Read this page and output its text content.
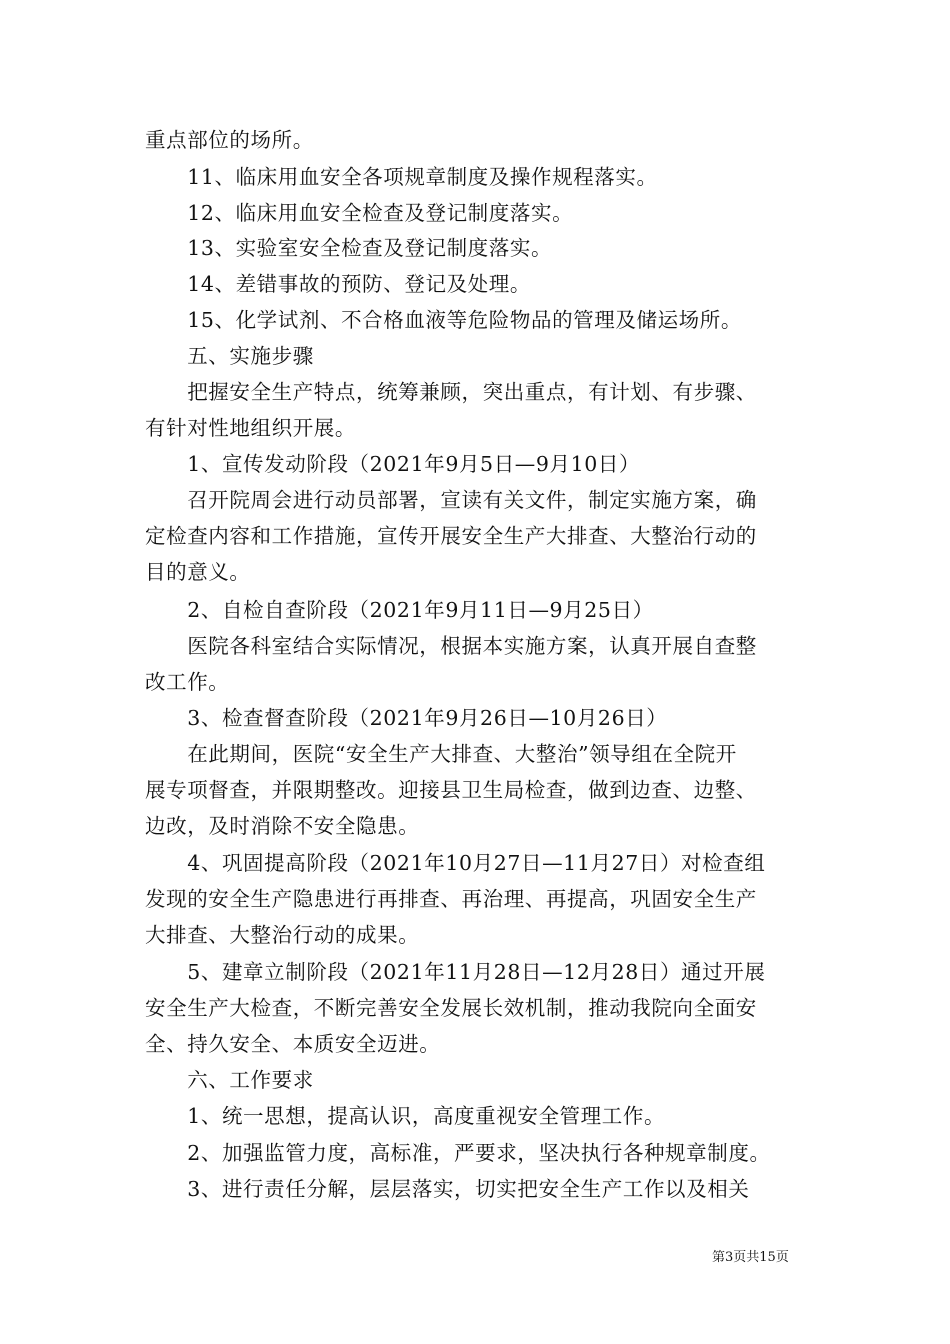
重点部位的场所。
　　11、临床用血安全各项规章制度及操作规程落实。
　　12、临床用血安全检查及登记制度落实。
　　13、实验室安全检查及登记制度落实。
　　14、差错事故的预防、登记及处理。
　　15、化学试剂、不合格血液等危险物品的管理及储运场所。
　　五、实施步骤
　　把握安全生产特点，统筹兼顾，突出重点，有计划、有步骤、
有针对性地组织开展。
　　1、宣传发动阶段（2021年9月5日—9月10日）
　　召开院周会进行动员部署，宣读有关文件，制定实施方案，确
定检查内容和工作措施，宣传开展安全生产大排查、大整治行动的
目的意义。
　　2、自检自查阶段（2021年9月11日—9月25日）
　　医院各科室结合实际情况，根据本实施方案，认真开展自查整
改工作。
　　3、检查督查阶段（2021年9月26日—10月26日）
　　在此期间，医院“安全生产大排查、大整治”领导组在全院开
展专项督查，并限期整改。迎接县卫生局检查，做到边查、边整、
边改，及时消除不安全隐患。
　　4、巩固提高阶段（2021年10月27日—11月27日）对检查组
发现的安全生产隐患进行再排查、再治理、再提高，巩固安全生产
大排查、大整治行动的成果。
　　5、建章立制阶段（2021年11月28日—12月28日）通过开展
安全生产大检查，不断完善安全发展长效机制，推动我院向全面安
全、持久安全、本质安全迈进。
　　六、工作要求
　　1、统一思想，提高认识，高度重视安全管理工作。
　　2、加强监管力度，高标准，严要求，坚决执行各种规章制度。
　　3、进行责任分解，层层落实，切实把安全生产工作以及相关
第3页共15页
